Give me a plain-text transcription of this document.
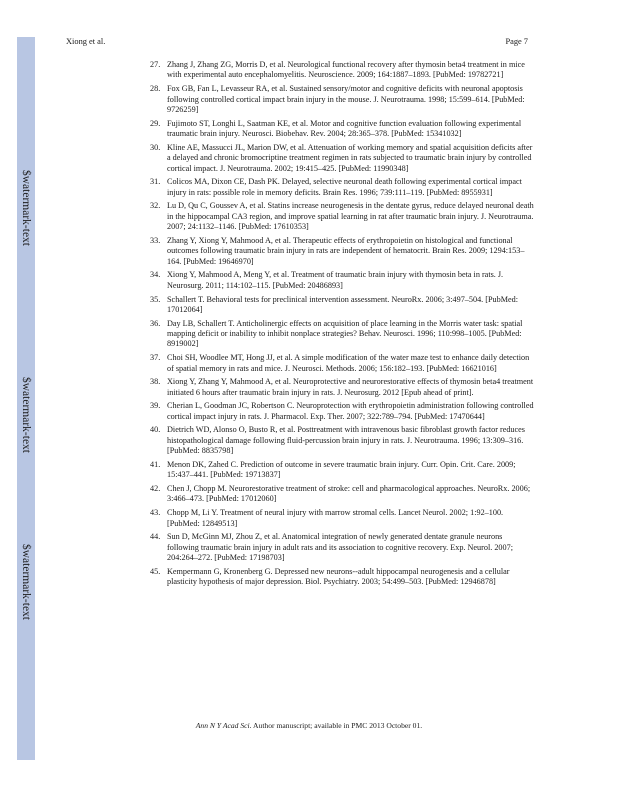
$watermark-text
$watermark-text
$watermark-text
Xiong et al.	Page 7
27. Zhang J, Zhang ZG, Morris D, et al. Neurological functional recovery after thymosin beta4 treatment in mice with experimental auto encephalomyelitis. Neuroscience. 2009; 164:1887–1893. [PubMed: 19782721]
28. Fox GB, Fan L, Levasseur RA, et al. Sustained sensory/motor and cognitive deficits with neuronal apoptosis following controlled cortical impact brain injury in the mouse. J. Neurotrauma. 1998; 15:599–614. [PubMed: 9726259]
29. Fujimoto ST, Longhi L, Saatman KE, et al. Motor and cognitive function evaluation following experimental traumatic brain injury. Neurosci. Biobehav. Rev. 2004; 28:365–378. [PubMed: 15341032]
30. Kline AE, Massucci JL, Marion DW, et al. Attenuation of working memory and spatial acquisition deficits after a delayed and chronic bromocriptine treatment regimen in rats subjected to traumatic brain injury by controlled cortical impact. J. Neurotrauma. 2002; 19:415–425. [PubMed: 11990348]
31. Colicos MA, Dixon CE, Dash PK. Delayed, selective neuronal death following experimental cortical impact injury in rats: possible role in memory deficits. Brain Res. 1996; 739:111–119. [PubMed: 8955931]
32. Lu D, Qu C, Goussev A, et al. Statins increase neurogenesis in the dentate gyrus, reduce delayed neuronal death in the hippocampal CA3 region, and improve spatial learning in rat after traumatic brain injury. J. Neurotrauma. 2007; 24:1132–1146. [PubMed: 17610353]
33. Zhang Y, Xiong Y, Mahmood A, et al. Therapeutic effects of erythropoietin on histological and functional outcomes following traumatic brain injury in rats are independent of hematocrit. Brain Res. 2009; 1294:153–164. [PubMed: 19646970]
34. Xiong Y, Mahmood A, Meng Y, et al. Treatment of traumatic brain injury with thymosin beta in rats. J. Neurosurg. 2011; 114:102–115. [PubMed: 20486893]
35. Schallert T. Behavioral tests for preclinical intervention assessment. NeuroRx. 2006; 3:497–504. [PubMed: 17012064]
36. Day LB, Schallert T. Anticholinergic effects on acquisition of place learning in the Morris water task: spatial mapping deficit or inability to inhibit nonplace strategies? Behav. Neurosci. 1996; 110:998–1005. [PubMed: 8919002]
37. Choi SH, Woodlee MT, Hong JJ, et al. A simple modification of the water maze test to enhance daily detection of spatial memory in rats and mice. J. Neurosci. Methods. 2006; 156:182–193. [PubMed: 16621016]
38. Xiong Y, Zhang Y, Mahmood A, et al. Neuroprotective and neurorestorative effects of thymosin beta4 treatment initiated 6 hours after traumatic brain injury in rats. J. Neurosurg. 2012 [Epub ahead of print].
39. Cherian L, Goodman JC, Robertson C. Neuroprotection with erythropoietin administration following controlled cortical impact injury in rats. J. Pharmacol. Exp. Ther. 2007; 322:789–794. [PubMed: 17470644]
40. Dietrich WD, Alonso O, Busto R, et al. Posttreatment with intravenous basic fibroblast growth factor reduces histopathological damage following fluid-percussion brain injury in rats. J. Neurotrauma. 1996; 13:309–316. [PubMed: 8835798]
41. Menon DK, Zahed C. Prediction of outcome in severe traumatic brain injury. Curr. Opin. Crit. Care. 2009; 15:437–441. [PubMed: 19713837]
42. Chen J, Chopp M. Neurorestorative treatment of stroke: cell and pharmacological approaches. NeuroRx. 2006; 3:466–473. [PubMed: 17012060]
43. Chopp M, Li Y. Treatment of neural injury with marrow stromal cells. Lancet Neurol. 2002; 1:92–100. [PubMed: 12849513]
44. Sun D, McGinn MJ, Zhou Z, et al. Anatomical integration of newly generated dentate granule neurons following traumatic brain injury in adult rats and its association to cognitive recovery. Exp. Neurol. 2007; 204:264–272. [PubMed: 17198703]
45. Kempermann G, Kronenberg G. Depressed new neurons--adult hippocampal neurogenesis and a cellular plasticity hypothesis of major depression. Biol. Psychiatry. 2003; 54:499–503. [PubMed: 12946878]
Ann N Y Acad Sci. Author manuscript; available in PMC 2013 October 01.
